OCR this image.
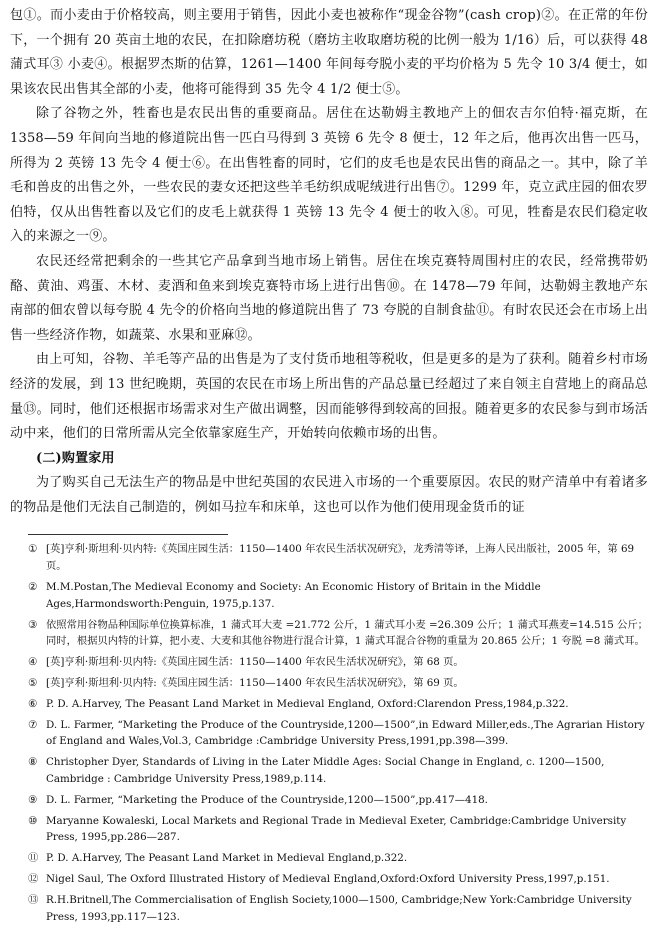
包①。而小麦由于价格较高，则主要用于销售，因此小麦也被称作“现金谷物”(cash crop)②。在正常的年份下，一个拥有 20 英亩土地的农民，在扣除磨坊税（磨坊主收取磨坊税的比例一般为 1/16）后，可以获得 48 蒲式耳③ 小麦④。根据罗杰斯的估算，1261—1400 年间每夸脱小麦的平均价格为 5 先令 10 3/4 便士，如果该农民出售其全部的小麦，他将可能得到 35 先令 4 1/2 便士⑤。

除了谷物之外，牲畜也是农民出售的重要商品。居住在达勒姆主教地产上的佃农吉尔伯特·福克斯，在 1358—59 年间向当地的修道院出售一匹白马得到 3 英镑 6 先令 8 便士，12 年之后，他再次出售一匹马，所得为 2 英镑 13 先令 4 便士⑥。在出售牲畜的同时，它们的皮毛也是农民出售的商品之一。其中，除了羊毛和兽皮的出售之外，一些农民的妻女还把这些羊毛纺织成呢绒进行出售⑦。1299 年，克立武庄园的佃农罗伯特，仅从出售牲畜以及它们的皮毛上就获得 1 英镑 13 先令 4 便士的收入⑧。可见，牲畜是农民们稳定收入的来源之一⑨。

农民还经常把剩余的一些其它产品拿到当地市场上销售。居住在埃克赛特周围村庄的农民，经常携带奶酪、黄油、鸡蛋、木材、麦酒和鱼来到埃克赛特市场上进行出售⑩。在 1478—79 年间，达勒姆主教地产东南部的佃农曾以每夸脱 4 先令的价格向当地的修道院出售了 73 夸脱的自制食盐⑪。有时农民还会在市场上出售一些经济作物，如蔬菜、水果和亚麻⑫。

由上可知，谷物、羊毛等产品的出售是为了支付货币地租等税收，但是更多的是为了获利。随着乡村市场经济的发展，到 13 世纪晚期，英国的农民在市场上所出售的产品总量已经超过了来自领主自营地上的商品总量⑬。同时，他们还根据市场需求对生产做出调整，因而能够得到较高的回报。随着更多的农民参与到市场活动中来，他们的日常所需从完全依靠家庭生产，开始转向依赖市场的出售。

(二)购置家用

为了购买自己无法生产的物品是中世纪英国的农民进入市场的一个重要原因。农民的财产清单中有着诸多的物品是他们无法自己制造的，例如马拉车和床单，这也可以作为他们使用现金货币的证

① [英]亨利·斯坦利·贝内特:《英国庄园生活：1150—1400 年农民生活状况研究》，龙秀清等译，上海人民出版社，2005 年，第 69 页。
② M.M.Postan,The Medieval Economy and Society: An Economic History of Britain in the Middle Ages,Harmondsworth:Penguin, 1975,p.137.
③ 依照常用谷物品种国际单位换算标准，1 蒲式耳大麦 =21.772 公斤，1 蒲式耳小麦 =26.309 公斤；1 蒲式耳燕麦=14.515 公斤；同时，根据贝内特的计算，把小麦、大麦和其他谷物进行混合计算，1 蒲式耳混合谷物的重量为 20.865 公斤；1 夸脱 =8 蒲式耳。
④ [英]亨利·斯坦利·贝内特:《英国庄园生活：1150—1400 年农民生活状况研究》，第 68 页。
⑤ [英]亨利·斯坦利·贝内特:《英国庄园生活：1150—1400 年农民生活状况研究》，第 69 页。
⑥ P. D. A.Harvey, The Peasant Land Market in Medieval England, Oxford:Clarendon Press,1984,p.322.
⑦ D. L. Farmer, “Marketing the Produce of the Countryside,1200—1500”,in Edward Miller,eds.,The Agrarian History of England and Wales,Vol.3, Cambridge :Cambridge University Press,1991,pp.398—399.
⑧ Christopher Dyer, Standards of Living in the Later Middle Ages: Social Change in England, c. 1200—1500, Cambridge : Cambridge University Press,1989,p.114.
⑨ D. L. Farmer, “Marketing the Produce of the Countryside,1200—1500”,pp.417—418.
⑩ Maryanne Kowaleski, Local Markets and Regional Trade in Medieval Exeter, Cambridge:Cambridge University Press, 1995,pp.286—287.
⑪ P. D. A.Harvey, The Peasant Land Market in Medieval England,p.322.
⑫ Nigel Saul, The Oxford Illustrated History of Medieval England,Oxford:Oxford University Press,1997,p.151.
⑬ R.H.Britnell,The Commercialisation of English Society,1000—1500, Cambridge;New York:Cambridge University Press, 1993,pp.117—123.
